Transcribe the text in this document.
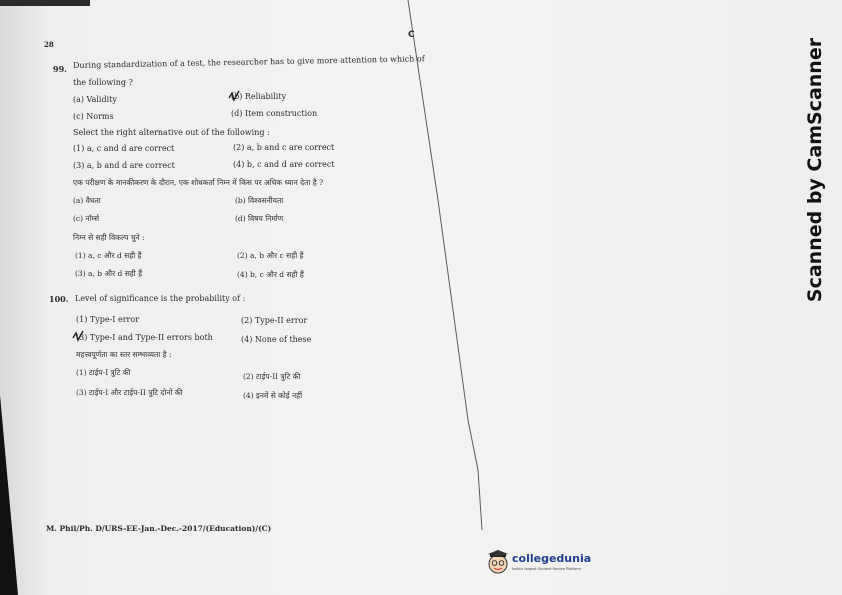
28
C
99. During standardization of a test, the researcher has to give more attention to which of
the following ?
(a) Validity	(b) Reliability
(c) Norms	(d) Item construction
Select the right alternative out of the following :
(1) a, c and d are correct	(2) a, b and c are correct
(3) a, b and d are correct	(4) b, c and d are correct
एक परीक्षण के मानकीकरण के दौरान, एक शोधकर्ता निम्न में किस पर अधिक ध्यान देता है ?
(a) वैधता	(b) विश्वसनीयता
(c) नॉर्म्स	(d) विषय निर्माण
निम्न से सही विकल्प चुने :
(1) a, c और d सही हैं	(2) a, b और c सही हैं
(3) a, b और d सही हैं	(4) b, c और d सही हैं
100. Level of significance is the probability of :
(1) Type-I error	(2) Type-II error
(3) Type-I and Type-II errors both	(4) None of these
महत्त्वपूर्णता का स्तर सम्भाव्यता है :
(1) टाईप-I त्रुटि की	(2) टाईप-II त्रुटि की
(3) टाईप-I और टाईप-II त्रुटि दोनों की	(4) इनमें से कोई नहीं
M. Phil/Ph. D/URS-EE-Jan.-Dec.-2017/(Education)/(C)
Scanned by CamScanner
collegedunia
India's largest Student Review Platform
